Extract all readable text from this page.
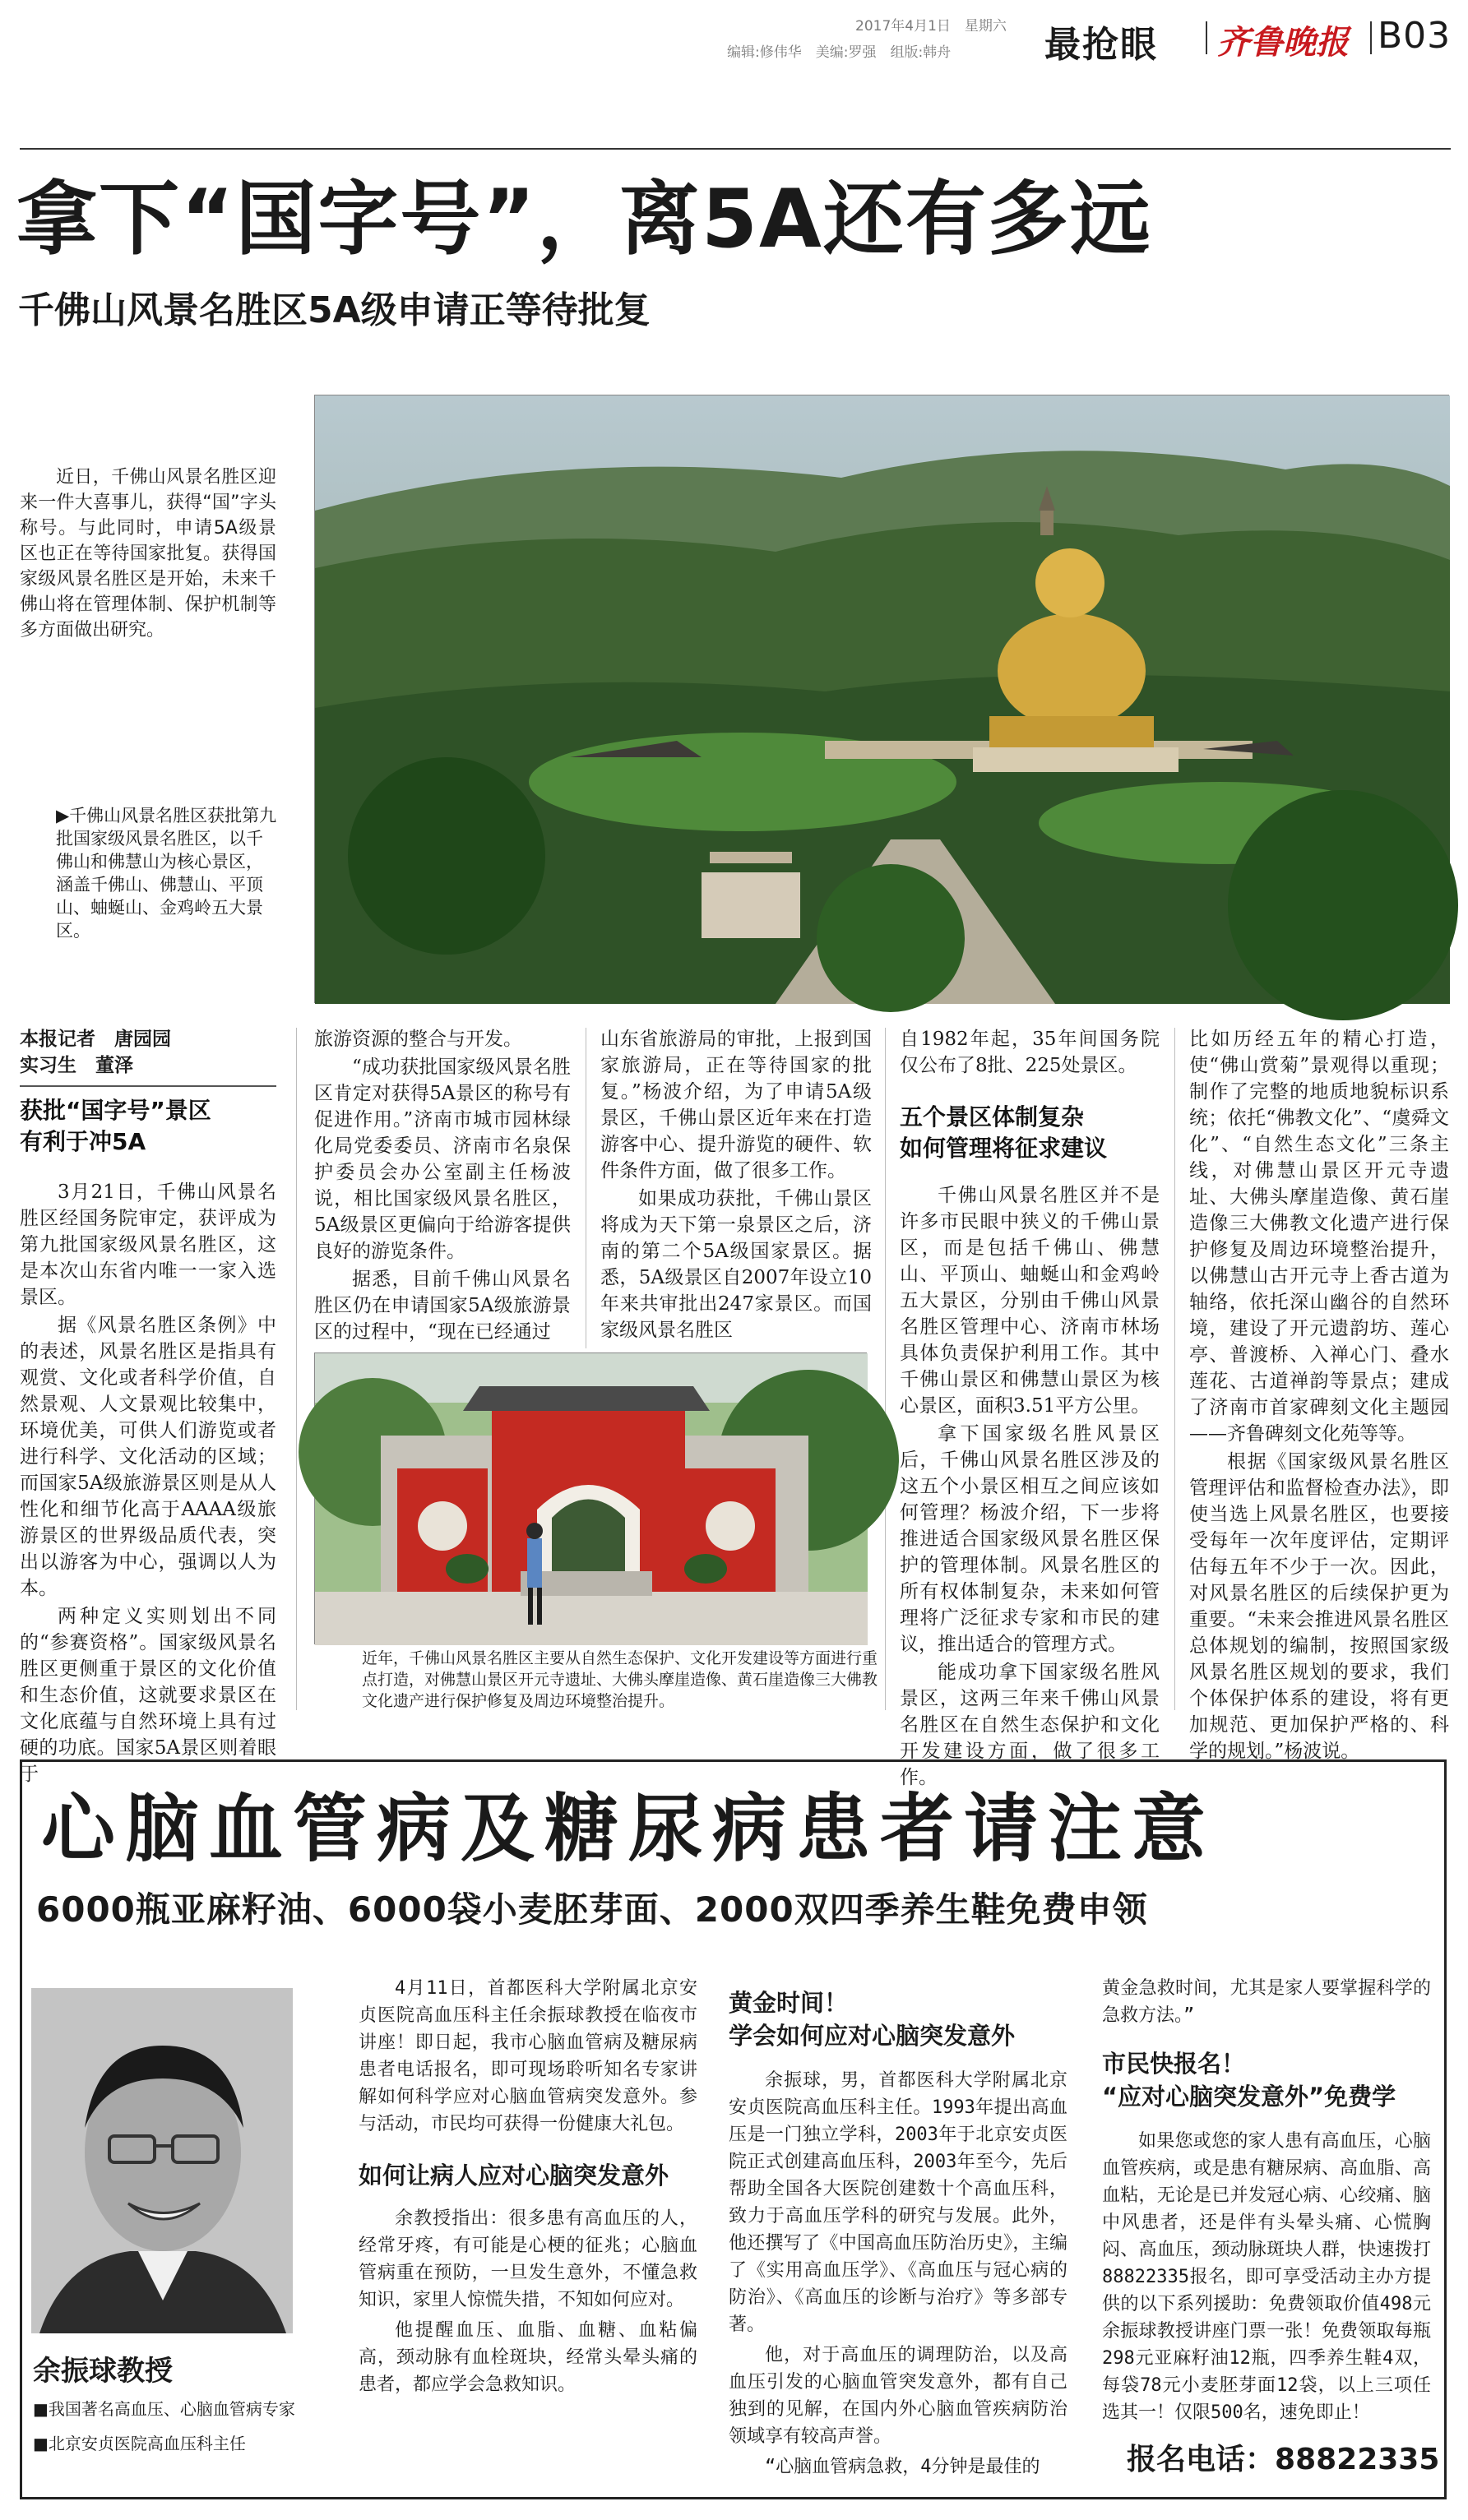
2017年4月1日　星期六
编辑:修伟华　美编:罗强　组版:韩舟	最抢眼	齐鲁晚报 B03
拿下“国字号”，离5A还有多远
千佛山风景名胜区5A级申请正等待批复
近日，千佛山风景名胜区迎来一件大喜事儿，获得“国”字头称号。与此同时，申请5A级景区也正在等待国家批复。获得国家级风景名胜区是开始，未来千佛山将在管理体制、保护机制等多方面做出研究。
▶千佛山风景名胜区获批第九批国家级风景名胜区，以千佛山和佛慧山为核心景区，涵盖千佛山、佛慧山、平顶山、蚰蜒山、金鸡岭五大景区。
本报记者　唐园园
实习生　董泽
获批“国字号”景区
有利于冲5A

3月21日，千佛山风景名胜区经国务院审定，获评成为第九批国家级风景名胜区，这是本次山东省内唯一一家入选景区。

据《风景名胜区条例》中的表述，风景名胜区是指具有观赏、文化或者科学价值，自然景观、人文景观比较集中，环境优美，可供人们游览或者进行科学、文化活动的区域；而国家5A级旅游景区则是从人性化和细节化高于AAAA级旅游景区的世界级品质代表，突出以游客为中心，强调以人为本。

两种定义实则划出不同的“参赛资格”。国家级风景名胜区更侧重于景区的文化价值和生态价值，这就要求景区在文化底蕴与自然环境上具有过硬的功底。国家5A景区则着眼于

旅游资源的整合与开发。

“成功获批国家级风景名胜区肯定对获得5A景区的称号有促进作用。”济南市城市园林绿化局党委委员、济南市名泉保护委员会办公室副主任杨波说，相比国家级风景名胜区，5A级景区更偏向于给游客提供良好的游览条件。

据悉，目前千佛山风景名胜区仍在申请国家5A级旅游景区的过程中，“现在已经通过

山东省旅游局的审批，上报到国家旅游局，正在等待国家的批复。”杨波介绍，为了申请5A级景区，千佛山景区近年来在打造游客中心、提升游览的硬件、软件条件方面，做了很多工作。

如果成功获批，千佛山景区将成为天下第一泉景区之后，济南的第二个5A级国家景区。据悉，5A级景区自2007年设立10年来共审批出247家景区。而国家级风景名胜区

近年，千佛山风景名胜区主要从自然生态保护、文化开发建设等方面进行重点打造，对佛慧山景区开元寺遗址、大佛头摩崖造像、黄石崖造像三大佛教文化遗产进行保护修复及周边环境整治提升。

自1982年起，35年间国务院仅公布了8批、225处景区。

五个景区体制复杂
如何管理将征求建议

千佛山风景名胜区并不是许多市民眼中狭义的千佛山景区，而是包括千佛山、佛慧山、平顶山、蚰蜒山和金鸡岭五大景区，分别由千佛山风景名胜区管理中心、济南市林场具体负责保护利用工作。其中千佛山景区和佛慧山景区为核心景区，面积3.51平方公里。

拿下国家级名胜风景区后，千佛山风景名胜区涉及的这五个小景区相互之间应该如何管理？杨波介绍，下一步将推进适合国家级风景名胜区保护的管理体制。风景名胜区的所有权体制复杂，未来如何管理将广泛征求专家和市民的建议，推出适合的管理方式。

能成功拿下国家级名胜风景区，这两三年来千佛山风景名胜区在自然生态保护和文化开发建设方面，做了很多工作。

比如历经五年的精心打造，使“佛山赏菊”景观得以重现；制作了完整的地质地貌标识系统；依托“佛教文化”、“虞舜文化”、“自然生态文化”三条主线，对佛慧山景区开元寺遗址、大佛头摩崖造像、黄石崖造像三大佛教文化遗产进行保护修复及周边环境整治提升，以佛慧山古开元寺上香古道为轴络，依托深山幽谷的自然环境，建设了开元遗韵坊、莲心亭、普渡桥、入禅心门、叠水莲花、古道禅韵等景点；建成了济南市首家碑刻文化主题园——齐鲁碑刻文化苑等等。

根据《国家级风景名胜区管理评估和监督检查办法》，即使当选上风景名胜区，也要接受每年一次年度评估，定期评估每五年不少于一次。因此，对风景名胜区的后续保护更为重要。“未来会推进风景名胜区总体规划的编制，按照国家级风景名胜区规划的要求，我们个体保护体系的建设，将有更加规范、更加保护严格的、科学的规划。”杨波说。

心脑血管病及糖尿病患者请注意
6000瓶亚麻籽油、6000袋小麦胚芽面、2000双四季养生鞋免费申领
余振球教授
■我国著名高血压、心脑血管病专家
■北京安贞医院高血压科主任

4月11日，首都医科大学附属北京安贞医院高血压科主任余振球教授在临夜市讲座！即日起，我市心脑血管病及糖尿病患者电话报名，即可现场聆听知名专家讲解如何科学应对心脑血管病突发意外。参与活动，市民均可获得一份健康大礼包。

如何让病人应对心脑突发意外

余教授指出：很多患有高血压的人，经常牙疼，有可能是心梗的征兆；心脑血管病重在预防，一旦发生意外，不懂急救知识，家里人惊慌失措，不知如何应对。

他提醒血压、血脂、血糖、血粘偏高，颈动脉有血栓斑块，经常头晕头痛的患者，都应学会急救知识。

黄金时间！
学会如何应对心脑突发意外

余振球，男，首都医科大学附属北京安贞医院高血压科主任。1993年提出高血压是一门独立学科，2003年于北京安贞医院正式创建高血压科，2003年至今，先后帮助全国各大医院创建数十个高血压科，致力于高血压学科的研究与发展。此外，他还撰写了《中国高血压防治历史》，主编了《实用高血压学》、《高血压与冠心病的防治》、《高血压的诊断与治疗》等多部专著。

他，对于高血压的调理防治，以及高血压引发的心脑血管突发意外，都有自己独到的见解，在国内外心脑血管疾病防治领域享有较高声誉。

“心脑血管病急救，4分钟是最佳的

黄金急救时间，尤其是家人要掌握科学的急救方法。”

市民快报名！
“应对心脑突发意外”免费学

如果您或您的家人患有高血压，心脑血管疾病，或是患有糖尿病、高血脂、高血粘，无论是已并发冠心病、心绞痛、脑中风患者，还是伴有头晕头痛、心慌胸闷、高血压，颈动脉斑块人群，快速拨打88822335报名，即可享受活动主办方提供的以下系列援助：免费领取价值498元余振球教授讲座门票一张！免费领取每瓶298元亚麻籽油12瓶，四季养生鞋4双，每袋78元小麦胚芽面12袋，以上三项任选其一！仅限500名，速免即止！

报名电话：88822335
